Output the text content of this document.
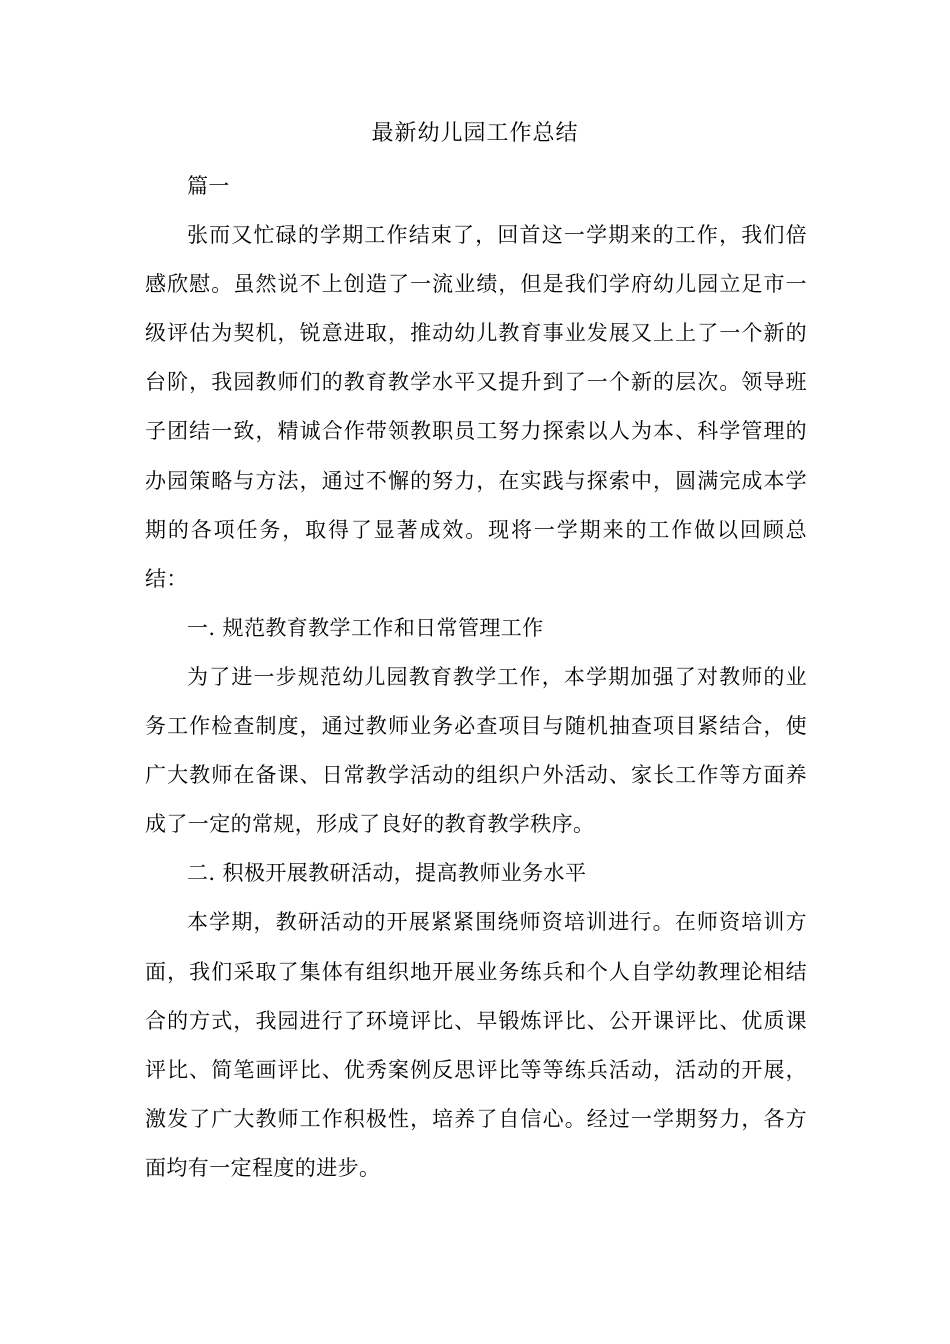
最新幼儿园工作总结

篇一

张而又忙碌的学期工作结束了，回首这一学期来的工作，我们倍感欣慰。虽然说不上创造了一流业绩，但是我们学府幼儿园立足市一级评估为契机，锐意进取，推动幼儿教育事业发展又上上了一个新的台阶，我园教师们的教育教学水平又提升到了一个新的层次。领导班子团结一致，精诚合作带领教职员工努力探索以人为本、科学管理的办园策略与方法，通过不懈的努力，在实践与探索中，圆满完成本学期的各项任务，取得了显著成效。现将一学期来的工作做以回顾总结：

一. 规范教育教学工作和日常管理工作

为了进一步规范幼儿园教育教学工作，本学期加强了对教师的业务工作检查制度，通过教师业务必查项目与随机抽查项目紧结合，使广大教师在备课、日常教学活动的组织户外活动、家长工作等方面养成了一定的常规，形成了良好的教育教学秩序。

二. 积极开展教研活动，提高教师业务水平

本学期，教研活动的开展紧紧围绕师资培训进行。在师资培训方面，我们采取了集体有组织地开展业务练兵和个人自学幼教理论相结合的方式，我园进行了环境评比、早锻炼评比、公开课评比、优质课评比、简笔画评比、优秀案例反思评比等等练兵活动，活动的开展，激发了广大教师工作积极性，培养了自信心。经过一学期努力，各方面均有一定程度的进步。
